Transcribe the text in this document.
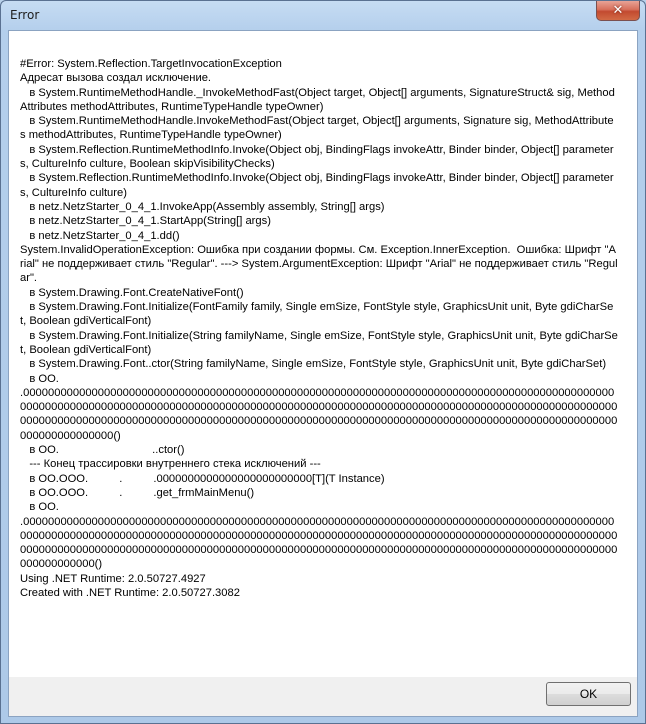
Error	✕
#Error: System.Reflection.TargetInvocationException
Адресат вызова создал исключение.
в System.RuntimeMethodHandle._InvokeMethodFast(Object target, Object[] arguments, SignatureStruct& sig, MethodAttributes methodAttributes, RuntimeTypeHandle typeOwner)
в System.RuntimeMethodHandle.InvokeMethodFast(Object target, Object[] arguments, Signature sig, MethodAttributes methodAttributes, RuntimeTypeHandle typeOwner)
в System.Reflection.RuntimeMethodInfo.Invoke(Object obj, BindingFlags invokeAttr, Binder binder, Object[] parameters, CultureInfo culture, Boolean skipVisibilityChecks)
в System.Reflection.RuntimeMethodInfo.Invoke(Object obj, BindingFlags invokeAttr, Binder binder, Object[] parameters, CultureInfo culture)
в netz.NetzStarter_0_4_1.InvokeApp(Assembly assembly, String[] args)
в netz.NetzStarter_0_4_1.StartApp(String[] args)
в netz.NetzStarter_0_4_1.dd()
System.InvalidOperationException: Ошибка при создании формы. См. Exception.InnerException.  Ошибка: Шрифт "Arial" не поддерживает стиль "Regular". ---> System.ArgumentException: Шрифт "Arial" не поддерживает стиль "Regular".
в System.Drawing.Font.CreateNativeFont()
в System.Drawing.Font.Initialize(FontFamily family, Single emSize, FontStyle style, GraphicsUnit unit, Byte gdiCharSet, Boolean gdiVerticalFont)
в System.Drawing.Font.Initialize(String familyName, Single emSize, FontStyle style, GraphicsUnit unit, Byte gdiCharSet, Boolean gdiVerticalFont)
в System.Drawing.Font..ctor(String familyName, Single emSize, FontStyle style, GraphicsUnit unit, Byte gdiCharSet)
в OO.
.00000000000000000000000000000000000000000000000000000000000000000000000000000000000000000000000000000000000000000000000000000000000000000000000000000000000000000000000000000000000000000000000000000000000000000000000000000000000000000000000000000000000000000000000000000000000000000000000000000000000000()
в OO.                              ..ctor()
--- Конец трассировки внутреннего стека исключений ---
в OO.OOO.          .          .0000000000000000000000000[T](T Instance)
в OO.OOO.          .          .get_frmMainMenu()
в OO.
.00000000000000000000000000000000000000000000000000000000000000000000000000000000000000000000000000000000000000000000000000000000000000000000000000000000000000000000000000000000000000000000000000000000000000000000000000000000000000000000000000000000000000000000000000000000000000000000000000000000000()
Using .NET Runtime: 2.0.50727.4927
Created with .NET Runtime: 2.0.50727.3082
OK
